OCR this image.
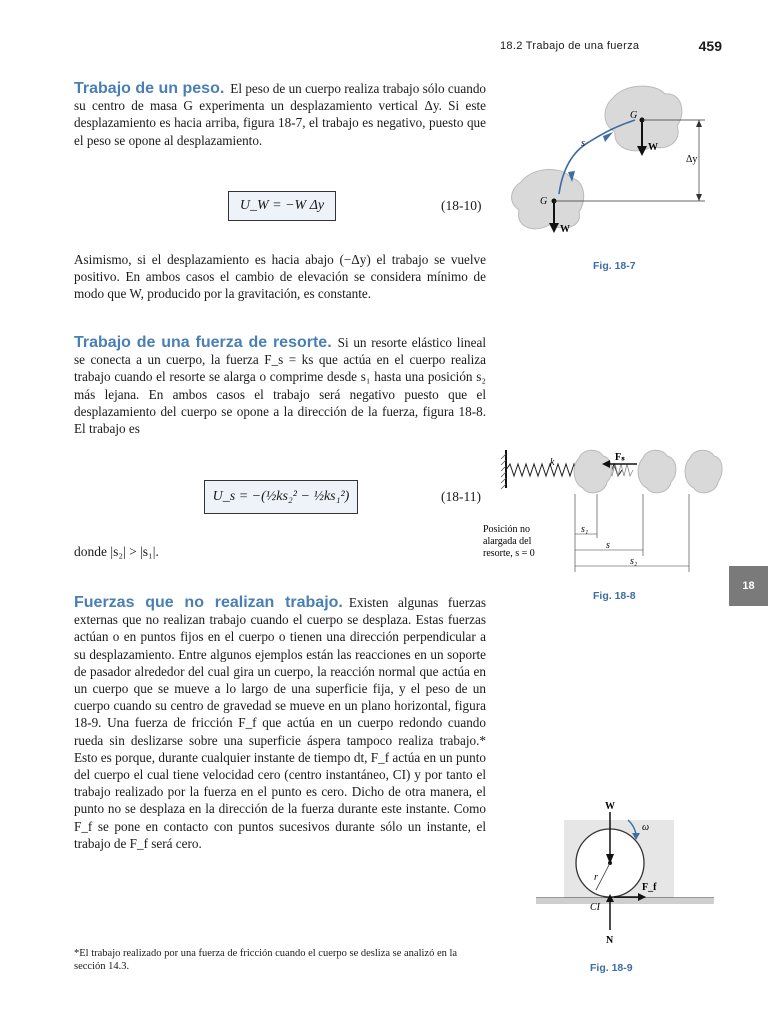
18.2 Trabajo de una fuerza	459
Trabajo de un peso. El peso de un cuerpo realiza trabajo sólo cuando su centro de masa G experimenta un desplazamiento vertical Δy. Si este desplazamiento es hacia arriba, figura 18-7, el trabajo es negativo, puesto que el peso se opone al desplazamiento.
U_W = −W Δy	(18-10)
Asimismo, si el desplazamiento es hacia abajo (−Δy) el trabajo se vuelve positivo. En ambos casos el cambio de elevación se considera mínimo de modo que W, producido por la gravitación, es constante.
Trabajo de una fuerza de resorte. Si un resorte elástico lineal se conecta a un cuerpo, la fuerza F_s = ks que actúa en el cuerpo realiza trabajo cuando el resorte se alarga o comprime desde s₁ hasta una posición s₂ más lejana. En ambos casos el trabajo será negativo puesto que el desplazamiento del cuerpo se opone a la dirección de la fuerza, figura 18-8. El trabajo es
U_s = −(½ks₂² − ½ks₁²)	(18-11)
donde |s₂| > |s₁|.
Fuerzas que no realizan trabajo. Existen algunas fuerzas externas que no realizan trabajo cuando el cuerpo se desplaza. Estas fuerzas actúan o en puntos fijos en el cuerpo o tienen una dirección perpendicular a su desplazamiento. Entre algunos ejemplos están las reacciones en un soporte de pasador alrededor del cual gira un cuerpo, la reacción normal que actúa en un cuerpo que se mueve a lo largo de una superficie fija, y el peso de un cuerpo cuando su centro de gravedad se mueve en un plano horizontal, figura 18-9. Una fuerza de fricción F_f que actúa en un cuerpo redondo cuando rueda sin deslizarse sobre una superficie áspera tampoco realiza trabajo.* Esto es porque, durante cualquier instante de tiempo dt, F_f actúa en un punto del cuerpo el cual tiene velocidad cero (centro instantáneo, CI) y por tanto el trabajo realizado por la fuerza en el punto es cero. Dicho de otra manera, el punto no se desplaza en la dirección de la fuerza durante este instante. Como F_f se pone en contacto con puntos sucesivos durante sólo un instante, el trabajo de F_f será cero.
*El trabajo realizado por una fuerza de fricción cuando el cuerpo se desliza se analizó en la sección 14.3.
G
W
G
W
s
Δy
Fig. 18-7
k	Fₛ
Posición no
alargada del
resorte, s = 0
s₁
s
s₂
Fig. 18-8
18
W
ω
r
F_f
CI
N
Fig. 18-9
